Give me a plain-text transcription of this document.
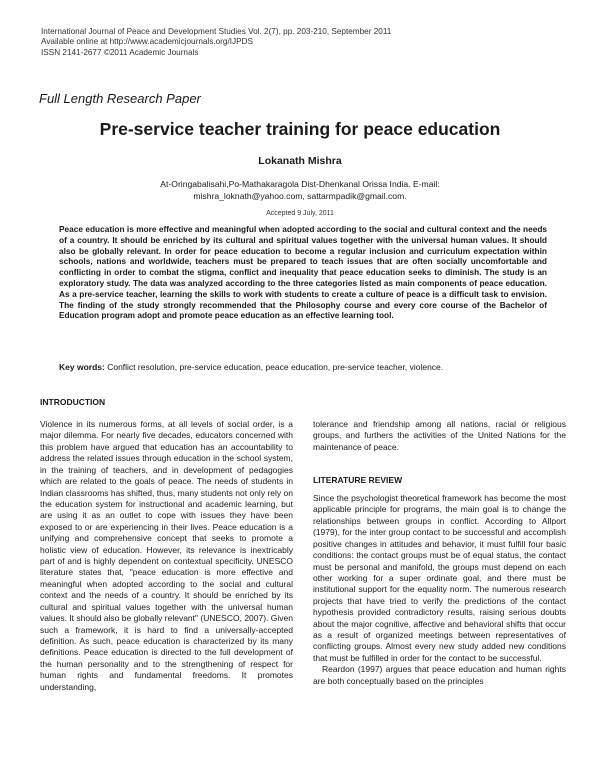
International Journal of Peace and Development Studies Vol. 2(7), pp. 203-210, September 2011
Available online at http://www.academicjournals.org/IJPDS
ISSN 2141-2677 ©2011 Academic Journals
Full Length Research Paper
Pre-service teacher training for peace education
Lokanath Mishra
At-Oringabalisahi,Po-Mathakaragola Dist-Dhenkanal Orissa India. E-mail: mishra_loknath@yahoo.com, sattarmpadik@gmail.com.
Accepted 9 July, 2011
Peace education is more effective and meaningful when adopted according to the social and cultural context and the needs of a country. It should be enriched by its cultural and spiritual values together with the universal human values. It should also be globally relevant. In order for peace education to become a regular inclusion and curriculum expectation within schools, nations and worldwide, teachers must be prepared to teach issues that are often socially uncomfortable and conflicting in order to combat the stigma, conflict and inequality that peace education seeks to diminish. The study is an exploratory study. The data was analyzed according to the three categories listed as main components of peace education. As a pre-service teacher, learning the skills to work with students to create a culture of peace is a difficult task to envision. The finding of the study strongly recommended that the Philosophy course and every core course of the Bachelor of Education program adopt and promote peace education as an effective learning tool.
Key words: Conflict resolution, pre-service education, peace education, pre-service teacher, violence.
INTRODUCTION

Violence in its numerous forms, at all levels of social order, is a major dilemma. For nearly five decades, educators concerned with this problem have argued that education has an accountability to address the related issues through education in the school system, in the training of teachers, and in development of pedagogies which are related to the goals of peace. The needs of students in Indian classrooms has shifted, thus, many students not only rely on the education system for instructional and academic learning, but are using it as an outlet to cope with issues they have been exposed to or are experiencing in their lives. Peace education is a unifying and comprehensive concept that seeks to promote a holistic view of education. However, its relevance is inextricably part of and is highly dependent on contextual specificity. UNESCO literature states that, "peace education is more effective and meaningful when adopted according to the social and cultural context and the needs of a country. It should be enriched by its cultural and spiritual values together with the universal human values. It should also be globally relevant" (UNESCO, 2007). Given such a framework, it is hard to find a universally-accepted definition. As such, peace education is characterized by its many definitions. Peace education is directed to the full development of the human personality and to the strengthening of respect for human rights and fundamental freedoms. It promotes understanding,

tolerance and friendship among all nations, racial or religious groups, and furthers the activities of the United Nations for the maintenance of peace.

LITERATURE REVIEW

Since the psychologist theoretical framework has become the most applicable principle for programs, the main goal is to change the relationships between groups in conflict. According to Allport (1979), for the inter group contact to be successful and accomplish positive changes in attitudes and behavior, it must fulfill four basic conditions: the contact groups must be of equal status, the contact must be personal and manifold, the groups must depend on each other working for a super ordinate goal, and there must be institutional support for the equality norm. The numerous research projects that have tried to verify the predictions of the contact hypothesis provided contradictory results, raising serious doubts about the major cognitive, affective and behavioral shifts that occur as a result of organized meetings between representatives of conflicting groups. Almost every new study added new conditions that must be fulfilled in order for the contact to be successful.

Reardon (1997) argues that peace education and human rights are both conceptually based on the principles
